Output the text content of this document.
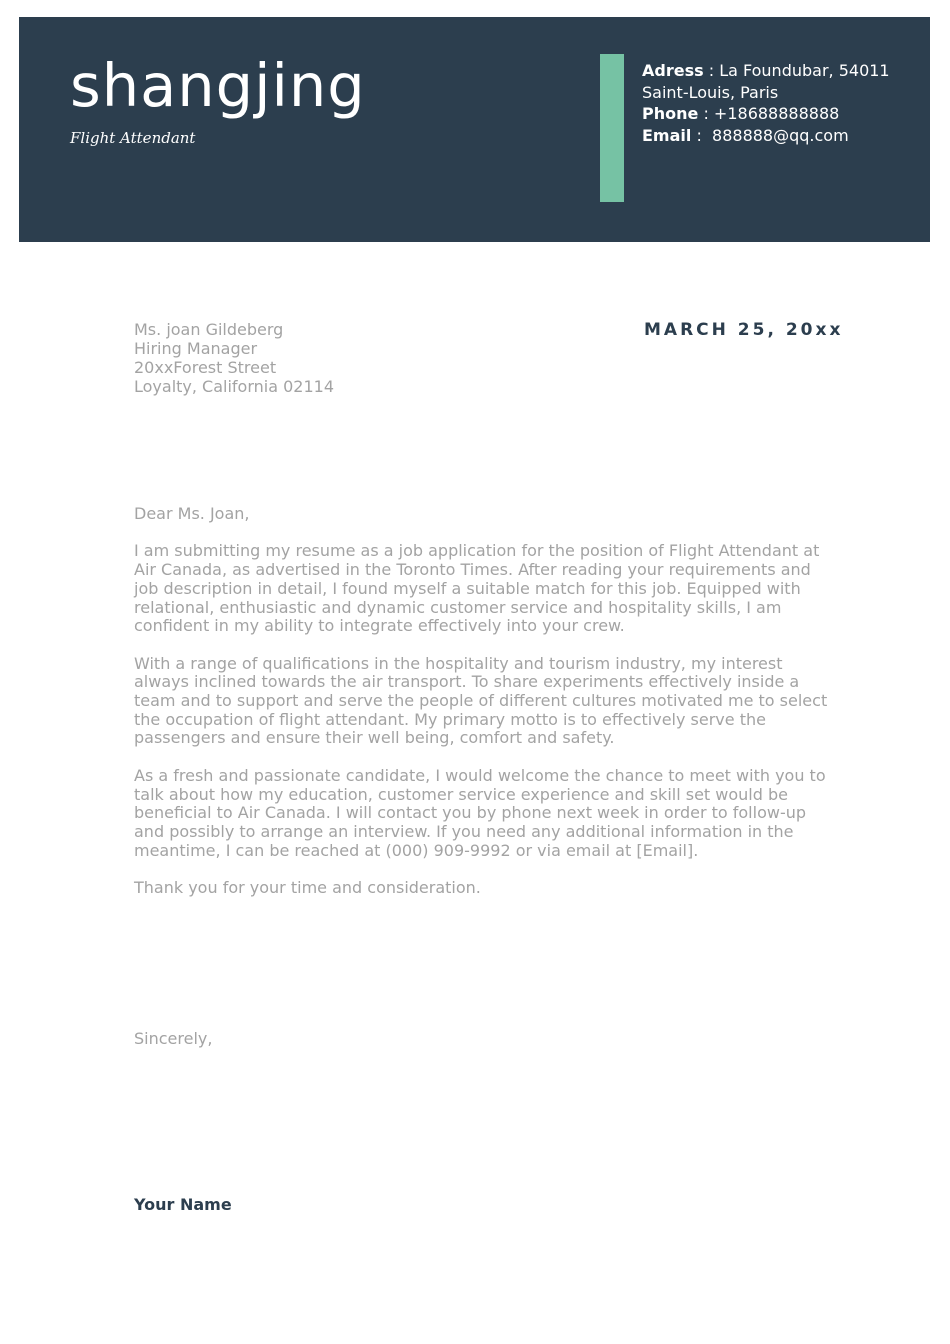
shangjing
Flight Attendant
Adress : La Foundubar, 54011
Saint-Louis, Paris
Phone : +18688888888
Email :  888888@qq.com
Ms. joan Gildeberg
Hiring Manager
20xxForest Street
Loyalty, California 02114
MARCH 25, 20xx

Dear Ms. Joan,

I am submitting my resume as a job application for the position of Flight Attendant at Air Canada, as advertised in the Toronto Times. After reading your requirements and job description in detail, I found myself a suitable match for this job. Equipped with relational, enthusiastic and dynamic customer service and hospitality skills, I am confident in my ability to integrate effectively into your crew.

With a range of qualifications in the hospitality and tourism industry, my interest always inclined towards the air transport. To share experiments effectively inside a team and to support and serve the people of different cultures motivated me to select the occupation of flight attendant. My primary motto is to effectively serve the passengers and ensure their well being, comfort and safety.

As a fresh and passionate candidate, I would welcome the chance to meet with you to talk about how my education, customer service experience and skill set would be beneficial to Air Canada. I will contact you by phone next week in order to follow-up and possibly to arrange an interview. If you need any additional information in the meantime, I can be reached at (000) 909-9992 or via email at [Email].

Thank you for your time and consideration.

Sincerely,
Your Name
